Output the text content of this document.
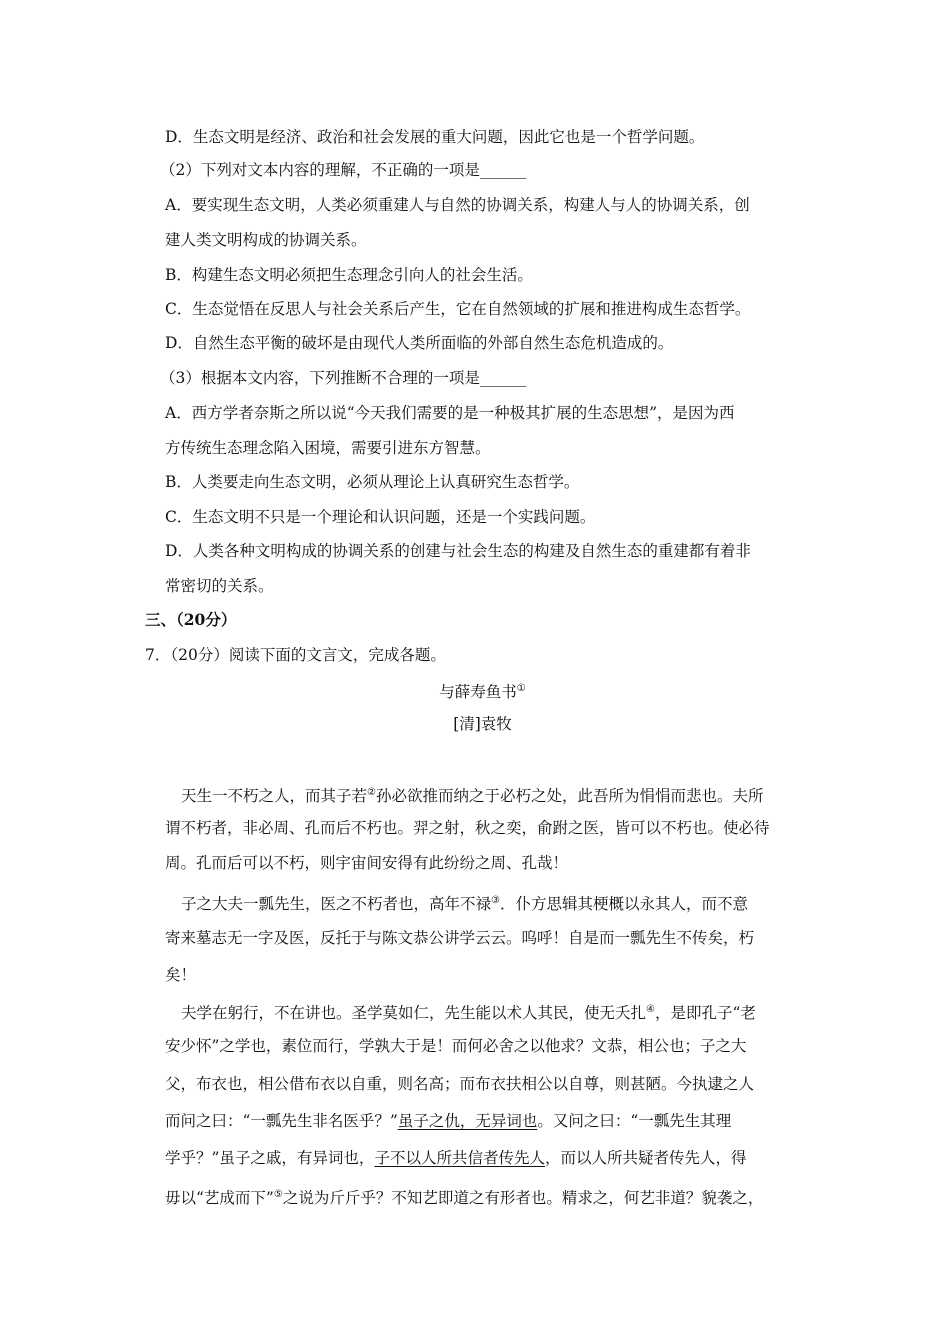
D．生态文明是经济、政治和社会发展的重大问题，因此它也是一个哲学问题。
（2）下列对文本内容的理解，不正确的一项是______
A．要实现生态文明，人类必须重建人与自然的协调关系，构建人与人的协调关系，创
建人类文明构成的协调关系。
B．构建生态文明必须把生态理念引向人的社会生活。
C．生态觉悟在反思人与社会关系后产生，它在自然领域的扩展和推进构成生态哲学。
D．自然生态平衡的破坏是由现代人类所面临的外部自然生态危机造成的。
（3）根据本文内容，下列推断不合理的一项是______
A．西方学者奈斯之所以说“今天我们需要的是一种极其扩展的生态思想”，是因为西
方传统生态理念陷入困境，需要引进东方智慧。
B．人类要走向生态文明，必须从理论上认真研究生态哲学。
C．生态文明不只是一个理论和认识问题，还是一个实践问题。
D．人类各种文明构成的协调关系的创建与社会生态的构建及自然生态的重建都有着非
常密切的关系。
三、（20分）
7．（20分）阅读下面的文言文，完成各题。
与薛寿鱼书①
[清]袁牧
天生一不朽之人，而其子若②孙必欲推而纳之于必朽之处，此吾所为悁悁而悲也。夫所
谓不朽者，非必周、孔而后不朽也。羿之射，秋之奕，俞跗之医，皆可以不朽也。使必待
周。孔而后可以不朽，则宇宙间安得有此纷纷之周、孔哉！
子之大夫一瓢先生，医之不朽者也，高年不禄③．仆方思辑其梗概以永其人，而不意
寄来墓志无一字及医，反托于与陈文恭公讲学云云。呜呼！自是而一瓢先生不传矣，朽
矣！
夫学在躬行，不在讲也。圣学莫如仁，先生能以术人其民，使无夭扎④，是即孔子“老
安少怀”之学也，素位而行，学孰大于是！而何必舍之以他求？文恭，相公也；子之大
父，布衣也，相公借布衣以自重，则名高；而布衣扶相公以自尊，则甚陋。今执逮之人
而问之曰：“一瓢先生非名医乎？”虽子之仇，无异词也。又问之曰：“一瓢先生其理
学乎？”虽子之戚，有异词也，子不以人所共信者传先人，而以人所共疑者传先人，得
毋以“艺成而下”⑤之说为斤斤乎？不知艺即道之有形者也。精求之，何艺非道？貌袭之，
